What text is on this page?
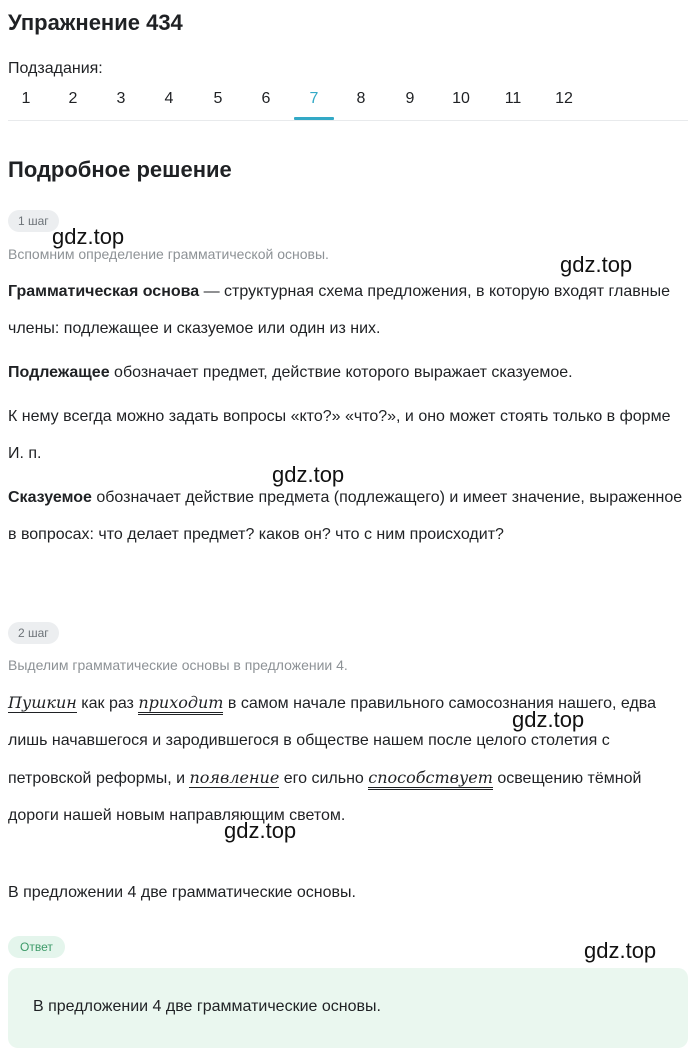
Упражнение 434
Подзадания:
1	2	3	4	5	6	7	8	9	10	11	12
Подробное решение
1 шаг
Вспомним определение грамматической основы.

Грамматическая основа — структурная схема предложения, в которую входят главные члены: подлежащее и сказуемое или один из них.

Подлежащее обозначает предмет, действие которого выражает сказуемое.

К нему всегда можно задать вопросы «кто?» «что?», и оно может стоять только в форме И. п.

Сказуемое обозначает действие предмета (подлежащего) и имеет значение, выраженное в вопросах: что делает предмет? каков он? что с ним происходит?

2 шаг
Выделим грамматические основы в предложении 4.

Пушкин как раз приходит в самом начале правильного самосознания нашего, едва лишь начавшегося и зародившегося в обществе нашем после целого столетия с петровской реформы, и появление его сильно способствует освещению тёмной дороги нашей новым направляющим светом.

В предложении 4 две грамматические основы.

Ответ
В предложении 4 две грамматические основы.
gdz.top
gdz.top
gdz.top
gdz.top
gdz.top
gdz.top
